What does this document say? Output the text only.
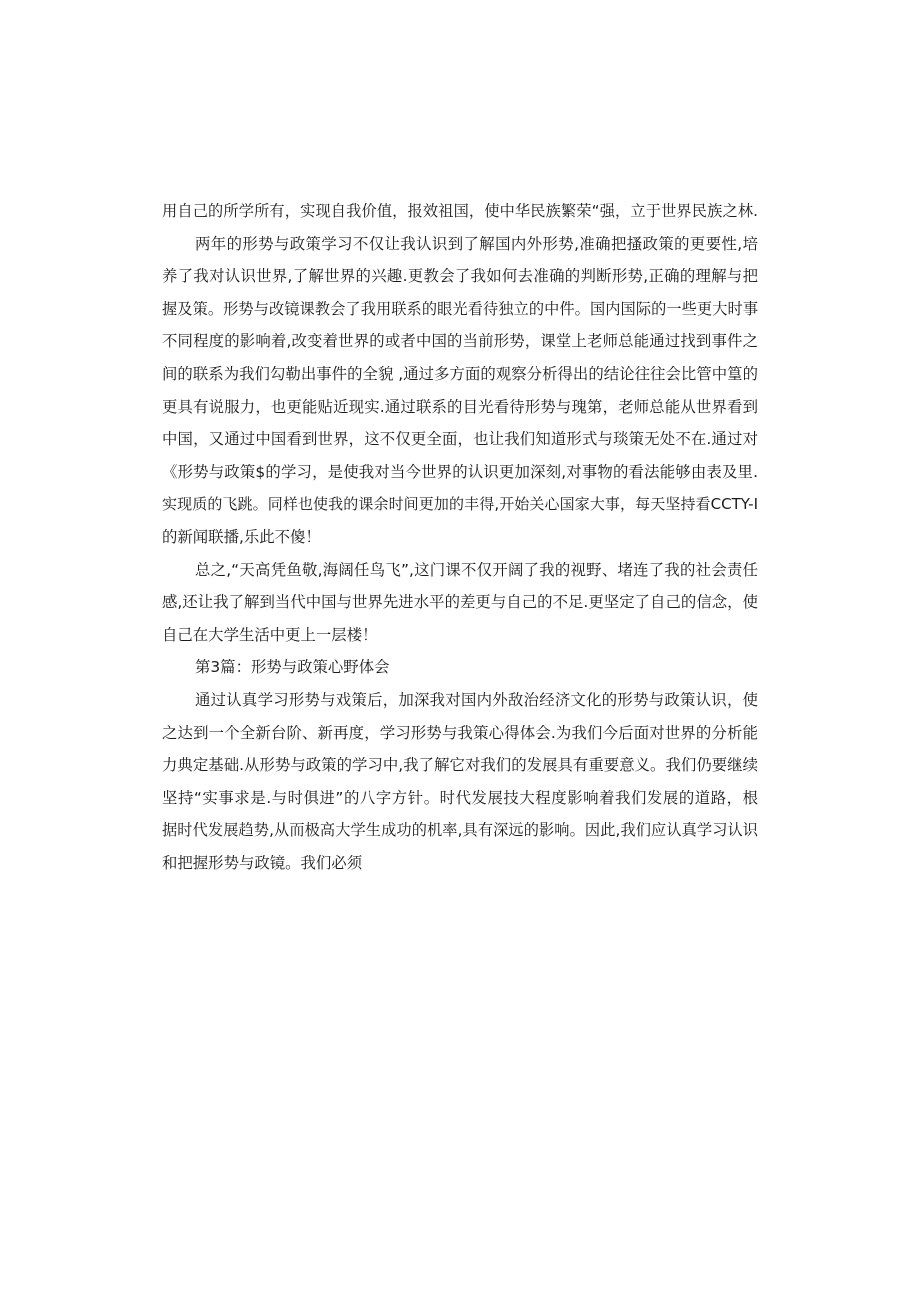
用自己的所学所有，实现自我价值，报效祖国，使中华民族繁荣“强，立于世界民族之林.
两年的形势与政策学习不仅让我认识到了解国内外形势,准确把搔政策的更要性,培
养了我对认识世界,了解世界的兴趣.更教会了我如何去准确的判断形势,正确的理解与把
握及策。形势与改镜课教会了我用联系的眼光看待独立的中件。国内国际的一些更大时事
不同程度的影响着,改变着世界的或者中国的当前形势，课堂上老师总能通过找到事件之
间的联系为我们勾勒出事件的全貌 ,通过多方面的观察分析得出的结论往往会比管中篁的
更具有说服力，也更能贴近现实.通过联系的目光看待形势与瑰第，老师总能从世界看到
中国，又通过中国看到世界，这不仅更全面，也让我们知道形式与琰策无处不在.通过对
《形势与政策$的学习，是使我对当今世界的认识更加深刻,对事物的看法能够由表及里.
实现质的飞跳。同样也使我的课余时间更加的丰得,开始关心国家大事，每天坚持看CCTY-I
的新闻联播,乐此不傻！
总之,“天高凭鱼敬,海阔任鸟飞”,这门课不仅开阔了我的视野、堵连了我的社会责任
感,还让我了解到当代中国与世界先进水平的差更与自己的不足.更坚定了自己的信念，使
自己在大学生活中更上一层楼！
第3篇：形势与政策心野体会
通过认真学习形势与戏策后，加深我对国内外敌治经济文化的形势与政策认识，使
之达到一个全新台阶、新再度，学习形势与我策心得体会.为我们今后面对世界的分析能
力典定基础.从形势与政策的学习中,我了解它对我们的发展具有重要意义。我们仍要继续
坚持“实事求是.与时俱进”的八字方针。时代发展技大程度影响着我们发展的道路，根
据时代发展趋势,从而极高大学生成功的机率,具有深远的影响。因此,我们应认真学习认识
和把握形势与政镜。我们必须
